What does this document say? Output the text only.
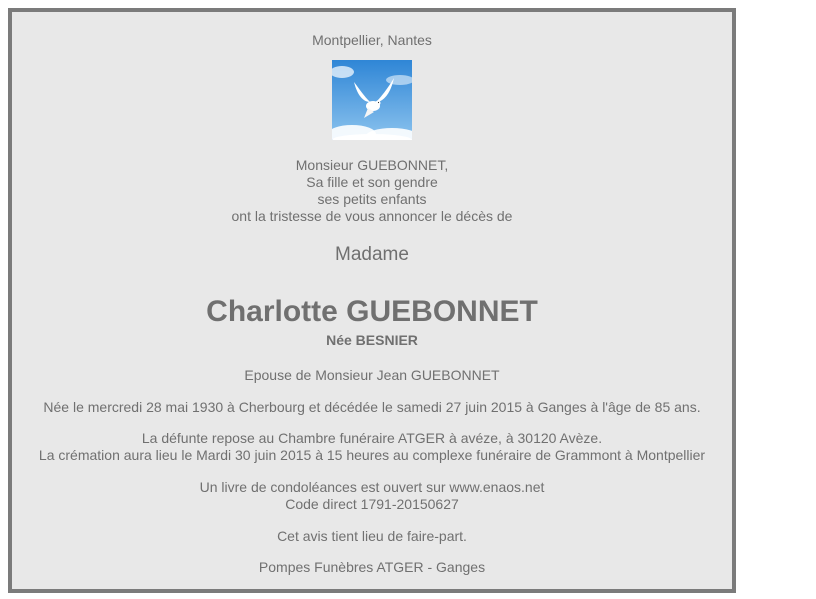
Montpellier, Nantes
Monsieur GUEBONNET,
Sa fille et son gendre
ses petits enfants
ont la tristesse de vous annoncer le décès de
Madame
Charlotte GUEBONNET
Née BESNIER
Epouse de Monsieur Jean GUEBONNET
Née le mercredi 28 mai 1930 à Cherbourg et décédée le samedi 27 juin 2015 à Ganges à l'âge de 85 ans.
La défunte repose au Chambre funéraire ATGER à avéze, à 30120 Avèze.
La crémation aura lieu le Mardi 30 juin 2015 à 15 heures au complexe funéraire de Grammont à Montpellier
Un livre de condoléances est ouvert sur www.enaos.net
Code direct 1791-20150627
Cet avis tient lieu de faire-part.
Pompes Funèbres ATGER - Ganges
